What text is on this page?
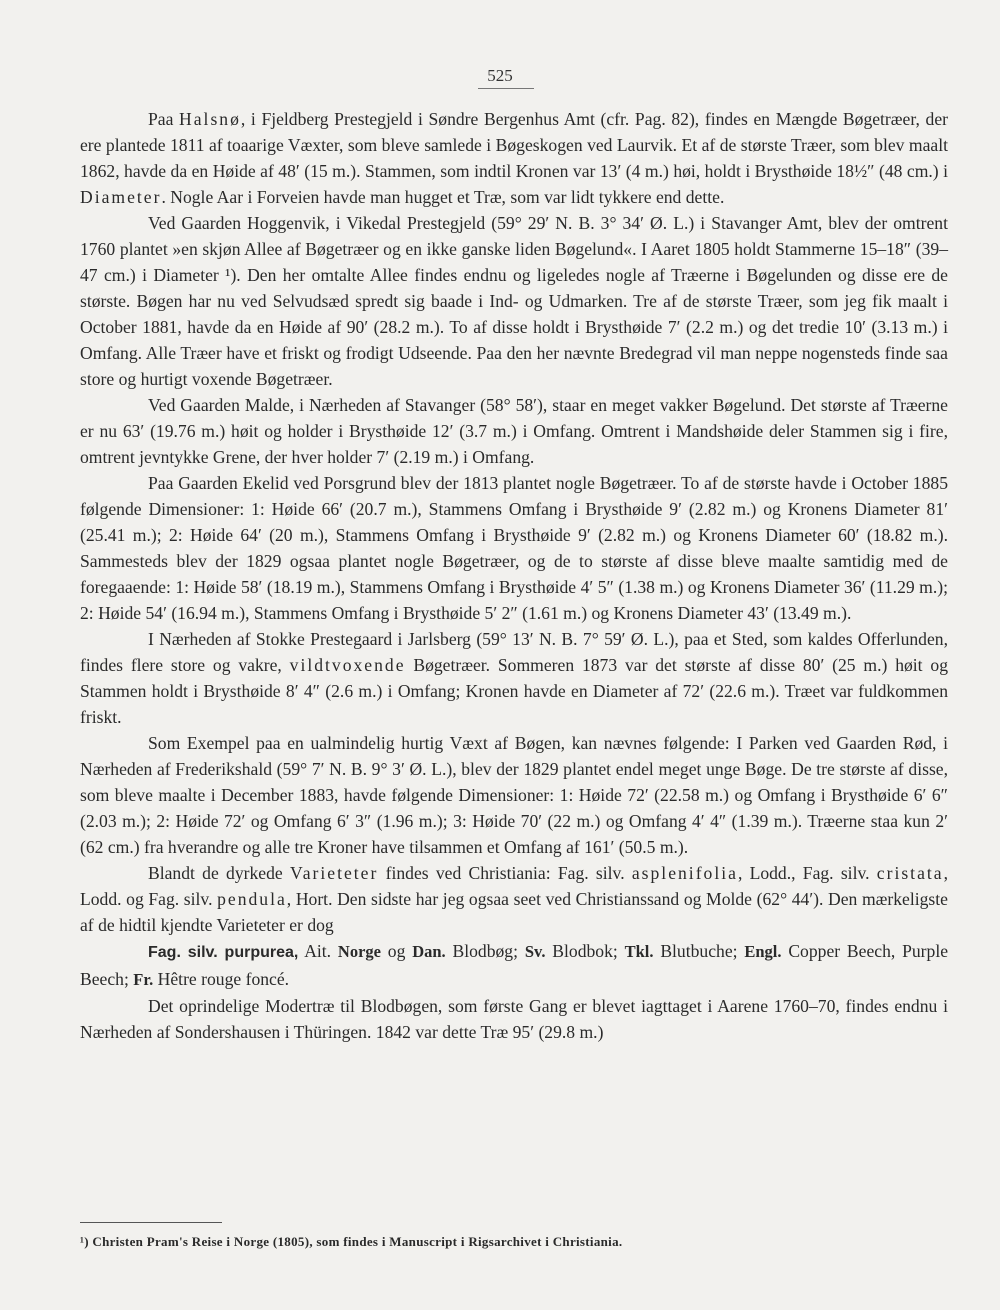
525

Paa Halsnø, i Fjeldberg Prestegjeld i Søndre Bergenhus Amt (cfr. Pag. 82), findes en Mængde Bøgetræer, der ere plantede 1811 af toaarige Væxter, som bleve samlede i Bøgeskogen ved Laurvik. Et af de største Træer, som blev maalt 1862, havde da en Høide af 48′ (15 m.). Stammen, som indtil Kronen var 13′ (4 m.) høi, holdt i Brysthøide 18½″ (48 cm.) i Diameter. Nogle Aar i Forveien havde man hugget et Træ, som var lidt tykkere end dette.

Ved Gaarden Hoggenvik, i Vikedal Prestegjeld (59° 29′ N. B. 3° 34′ Ø. L.) i Stavanger Amt, blev der omtrent 1760 plantet »en skjøn Allee af Bøgetræer og en ikke ganske liden Bøgelund«. I Aaret 1805 holdt Stammerne 15–18″ (39–47 cm.) i Diameter ¹). Den her omtalte Allee findes endnu og ligeledes nogle af Træerne i Bøgelunden og disse ere de største. Bøgen har nu ved Selvudsæd spredt sig baade i Ind- og Udmarken. Tre af de største Træer, som jeg fik maalt i October 1881, havde da en Høide af 90′ (28.2 m.). To af disse holdt i Brysthøide 7′ (2.2 m.) og det tredie 10′ (3.13 m.) i Omfang. Alle Træer have et friskt og frodigt Udseende. Paa den her nævnte Bredegrad vil man neppe nogensteds finde saa store og hurtigt voxende Bøgetræer.

Ved Gaarden Malde, i Nærheden af Stavanger (58° 58′), staar en meget vakker Bøgelund. Det største af Træerne er nu 63′ (19.76 m.) høit og holder i Brysthøide 12′ (3.7 m.) i Omfang. Omtrent i Mandshøide deler Stammen sig i fire, omtrent jevntykke Grene, der hver holder 7′ (2.19 m.) i Omfang.

Paa Gaarden Ekelid ved Porsgrund blev der 1813 plantet nogle Bøgetræer. To af de største havde i October 1885 følgende Dimensioner: 1: Høide 66′ (20.7 m.), Stammens Omfang i Brysthøide 9′ (2.82 m.) og Kronens Diameter 81′ (25.41 m.); 2: Høide 64′ (20 m.), Stammens Omfang i Brysthøide 9′ (2.82 m.) og Kronens Diameter 60′ (18.82 m.). Sammesteds blev der 1829 ogsaa plantet nogle Bøgetræer, og de to største af disse bleve maalte samtidig med de foregaaende: 1: Høide 58′ (18.19 m.), Stammens Omfang i Brysthøide 4′ 5″ (1.38 m.) og Kronens Diameter 36′ (11.29 m.); 2: Høide 54′ (16.94 m.), Stammens Omfang i Brysthøide 5′ 2″ (1.61 m.) og Kronens Diameter 43′ (13.49 m.).

I Nærheden af Stokke Prestegaard i Jarlsberg (59° 13′ N. B. 7° 59′ Ø. L.), paa et Sted, som kaldes Offerlunden, findes flere store og vakre, vildtvoxende Bøgetræer. Sommeren 1873 var det største af disse 80′ (25 m.) høit og Stammen holdt i Brysthøide 8′ 4″ (2.6 m.) i Omfang; Kronen havde en Diameter af 72′ (22.6 m.). Træet var fuldkommen friskt.

Som Exempel paa en ualmindelig hurtig Væxt af Bøgen, kan nævnes følgende: I Parken ved Gaarden Rød, i Nærheden af Frederikshald (59° 7′ N. B. 9° 3′ Ø. L.), blev der 1829 plantet endel meget unge Bøge. De tre største af disse, som bleve maalte i December 1883, havde følgende Dimensioner: 1: Høide 72′ (22.58 m.) og Omfang i Brysthøide 6′ 6″ (2.03 m.); 2: Høide 72′ og Omfang 6′ 3″ (1.96 m.); 3: Høide 70′ (22 m.) og Omfang 4′ 4″ (1.39 m.). Træerne staa kun 2′ (62 cm.) fra hverandre og alle tre Kroner have tilsammen et Omfang af 161′ (50.5 m.).

Blandt de dyrkede Varieteter findes ved Christiania: Fag. silv. asplenifolia, Lodd., Fag. silv. cristata, Lodd. og Fag. silv. pendula, Hort. Den sidste har jeg ogsaa seet ved Christianssand og Molde (62° 44′). Den mærkeligste af de hidtil kjendte Varieteter er dog

Fag. silv. purpurea, Ait. Norge og Dan. Blodbøg; Sv. Blodbok; Tkl. Blutbuche; Engl. Copper Beech, Purple Beech; Fr. Hêtre rouge foncé.

Det oprindelige Modertræ til Blodbøgen, som første Gang er blevet iagttaget i Aarene 1760–70, findes endnu i Nærheden af Sondershausen i Thüringen. 1842 var dette Træ 95′ (29.8 m.)

¹) Christen Pram's Reise i Norge (1805), som findes i Manuscript i Rigsarchivet i Christiania.
